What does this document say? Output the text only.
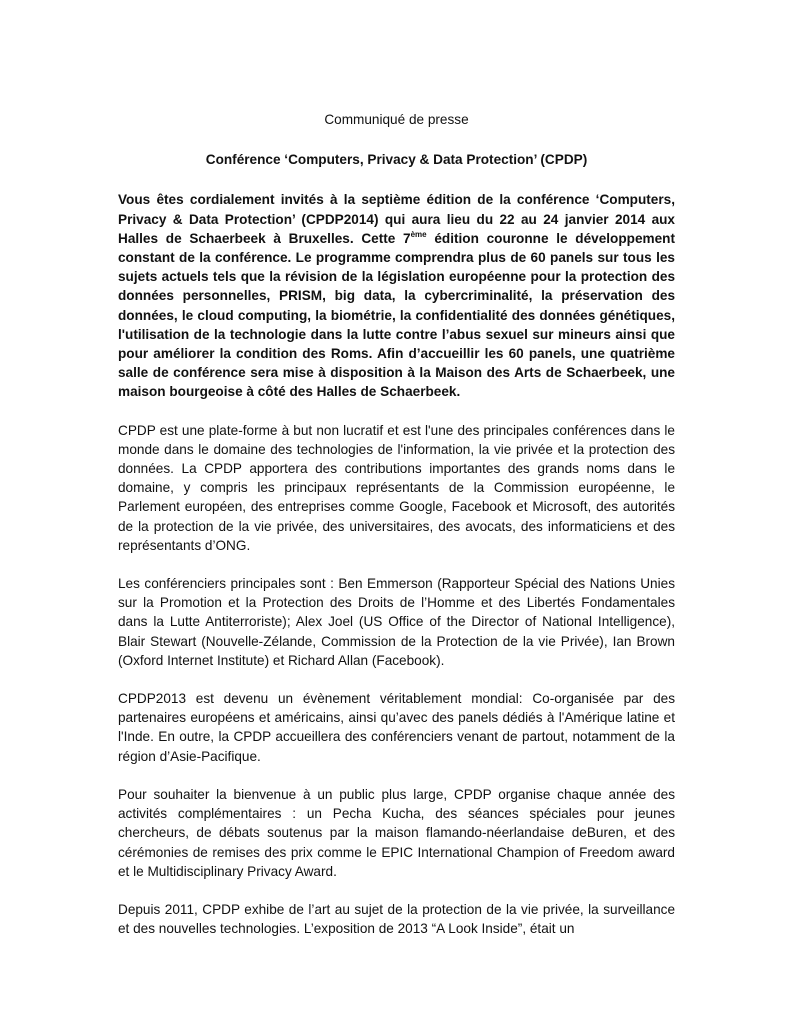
Communiqué de presse
Conférence ‘Computers, Privacy & Data Protection’ (CPDP)

Vous êtes cordialement invités à la septième édition de la conférence ‘Computers, Privacy & Data Protection’ (CPDP2014) qui aura lieu du 22 au 24 janvier 2014 aux Halles de Schaerbeek à Bruxelles. Cette 7ème édition couronne le développement constant de la conférence. Le programme comprendra plus de 60 panels sur tous les sujets actuels tels que la révision de la législation européenne pour la protection des données personnelles, PRISM, big data, la cybercriminalité, la préservation des données, le cloud computing, la biométrie, la confidentialité des données génétiques, l'utilisation de la technologie dans la lutte contre l’abus sexuel sur mineurs ainsi que pour améliorer la condition des Roms. Afin d’accueillir les 60 panels, une quatrième salle de conférence sera mise à disposition à la Maison des Arts de Schaerbeek, une maison bourgeoise à côté des Halles de Schaerbeek.

CPDP est une plate-forme à but non lucratif et est l'une des principales conférences dans le monde dans le domaine des technologies de l'information, la vie privée et la protection des données. La CPDP apportera des contributions importantes des grands noms dans le domaine, y compris les principaux représentants de la Commission européenne, le Parlement européen, des entreprises comme Google, Facebook et Microsoft, des autorités de la protection de la vie privée, des universitaires, des avocats, des informaticiens et des représentants d’ONG.

Les conférenciers principales sont : Ben Emmerson (Rapporteur Spécial des Nations Unies sur la Promotion et la Protection des Droits de l’Homme et des Libertés Fondamentales dans la Lutte Antiterroriste); Alex Joel (US Office of the Director of National Intelligence), Blair Stewart (Nouvelle-Zélande, Commission de la Protection de la vie Privée), Ian Brown (Oxford Internet Institute) et Richard Allan (Facebook).

CPDP2013 est devenu un évènement véritablement mondial: Co-organisée par des partenaires européens et américains, ainsi qu’avec des panels dédiés à l'Amérique latine et l'Inde. En outre, la CPDP accueillera des conférenciers venant de partout, notamment de la région d’Asie-Pacifique.

Pour souhaiter la bienvenue à un public plus large, CPDP organise chaque année des activités complémentaires : un Pecha Kucha, des séances spéciales pour jeunes chercheurs, de débats soutenus par la maison flamando-néerlandaise deBuren, et des cérémonies de remises des prix comme le EPIC International Champion of Freedom award et le Multidisciplinary Privacy Award.

Depuis 2011, CPDP exhibe de l’art au sujet de la protection de la vie privée, la surveillance et des nouvelles technologies. L’exposition de 2013 “A Look Inside”, était un
